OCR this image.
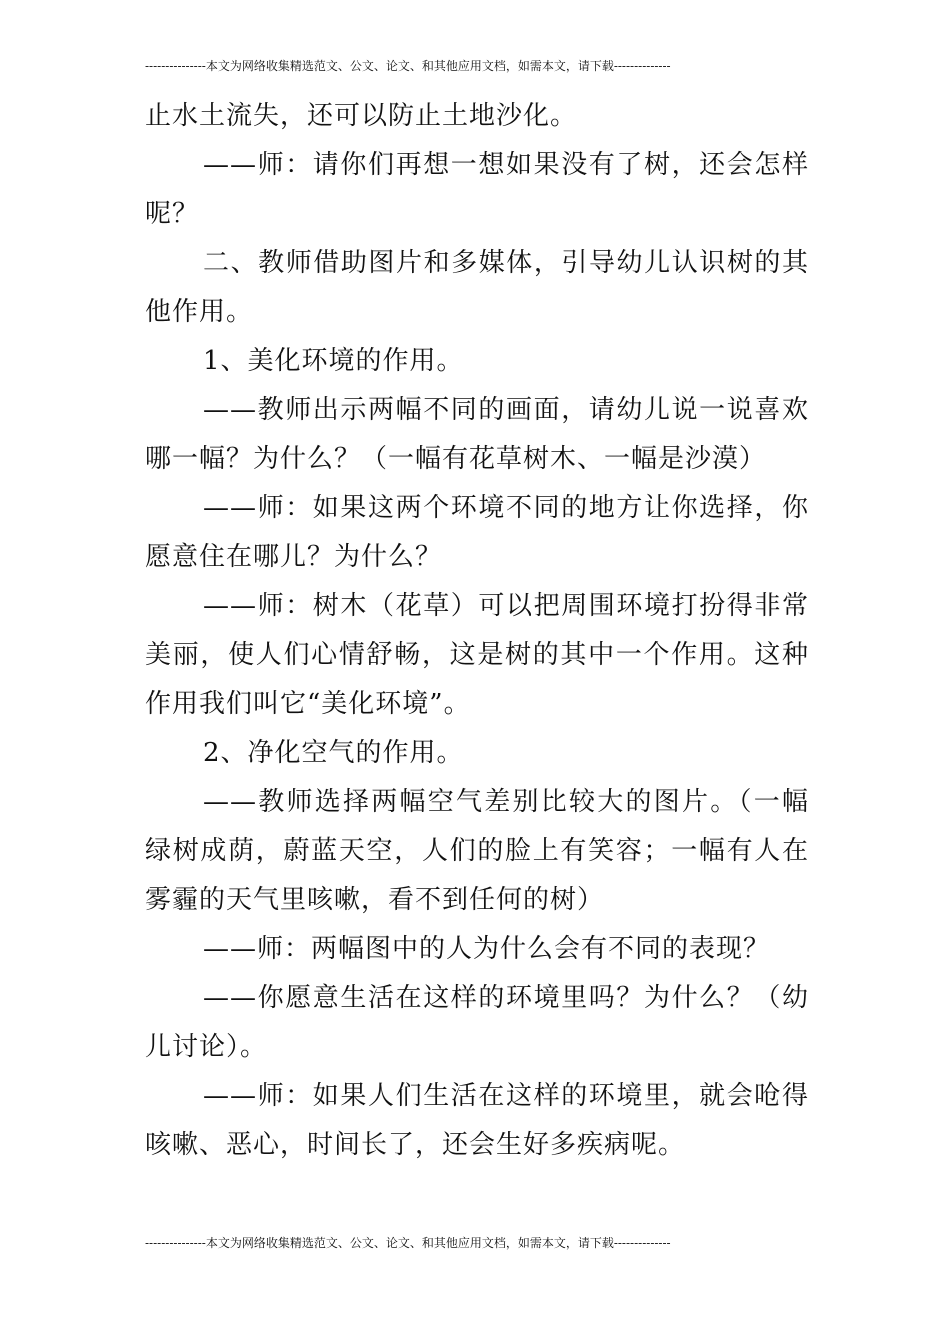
---------------本文为网络收集精选范文、公文、论文、和其他应用文档，如需本文，请下载--------------

止水土流失，还可以防止土地沙化。

——师：请你们再想一想如果没有了树，还会怎样呢？

二、教师借助图片和多媒体，引导幼儿认识树的其他作用。

1、美化环境的作用。

——教师出示两幅不同的画面，请幼儿说一说喜欢哪一幅？为什么？（一幅有花草树木、一幅是沙漠）

——师：如果这两个环境不同的地方让你选择，你愿意住在哪儿？为什么？

——师：树木（花草）可以把周围环境打扮得非常美丽，使人们心情舒畅，这是树的其中一个作用。这种作用我们叫它“美化环境”。

2、净化空气的作用。

——教师选择两幅空气差别比较大的图片。（一幅绿树成荫，蔚蓝天空，人们的脸上有笑容；一幅有人在雾霾的天气里咳嗽，看不到任何的树）

——师：两幅图中的人为什么会有不同的表现？

——你愿意生活在这样的环境里吗？为什么？（幼儿讨论）。

——师：如果人们生活在这样的环境里，就会呛得咳嗽、恶心，时间长了，还会生好多疾病呢。

---------------本文为网络收集精选范文、公文、论文、和其他应用文档，如需本文，请下载--------------
